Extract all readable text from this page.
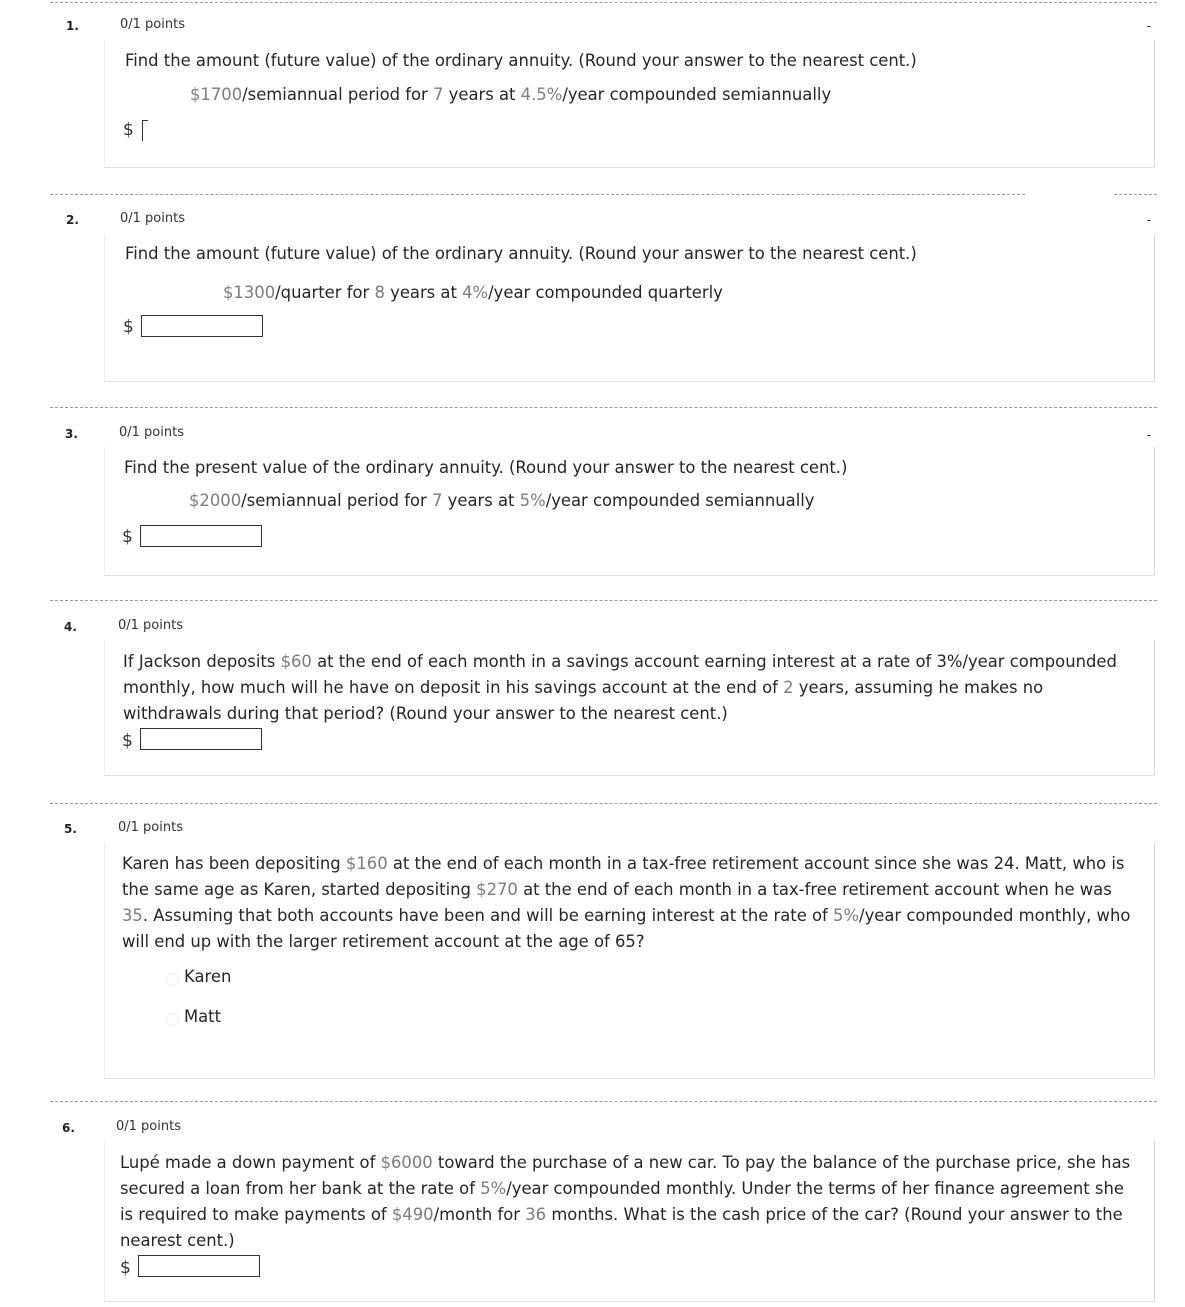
1.	0/1 points	-
Find the amount (future value) of the ordinary annuity. (Round your answer to the nearest cent.)
$1700/semiannual period for 7 years at 4.5%/year compounded semiannually
$
2.	0/1 points	-
Find the amount (future value) of the ordinary annuity. (Round your answer to the nearest cent.)
$1300/quarter for 8 years at 4%/year compounded quarterly
$
3.	0/1 points	-
Find the present value of the ordinary annuity. (Round your answer to the nearest cent.)
$2000/semiannual period for 7 years at 5%/year compounded semiannually
$
4.	0/1 points
If Jackson deposits $60 at the end of each month in a savings account earning interest at a rate of 3%/year compounded monthly, how much will he have on deposit in his savings account at the end of 2 years, assuming he makes no withdrawals during that period? (Round your answer to the nearest cent.)
$
5.	0/1 points
Karen has been depositing $160 at the end of each month in a tax-free retirement account since she was 24. Matt, who is the same age as Karen, started depositing $270 at the end of each month in a tax-free retirement account when he was 35. Assuming that both accounts have been and will be earning interest at the rate of 5%/year compounded monthly, who will end up with the larger retirement account at the age of 65?
Karen
Matt
6.	0/1 points
Lupé made a down payment of $6000 toward the purchase of a new car. To pay the balance of the purchase price, she has secured a loan from her bank at the rate of 5%/year compounded monthly. Under the terms of her finance agreement she is required to make payments of $490/month for 36 months. What is the cash price of the car? (Round your answer to the nearest cent.)
$
